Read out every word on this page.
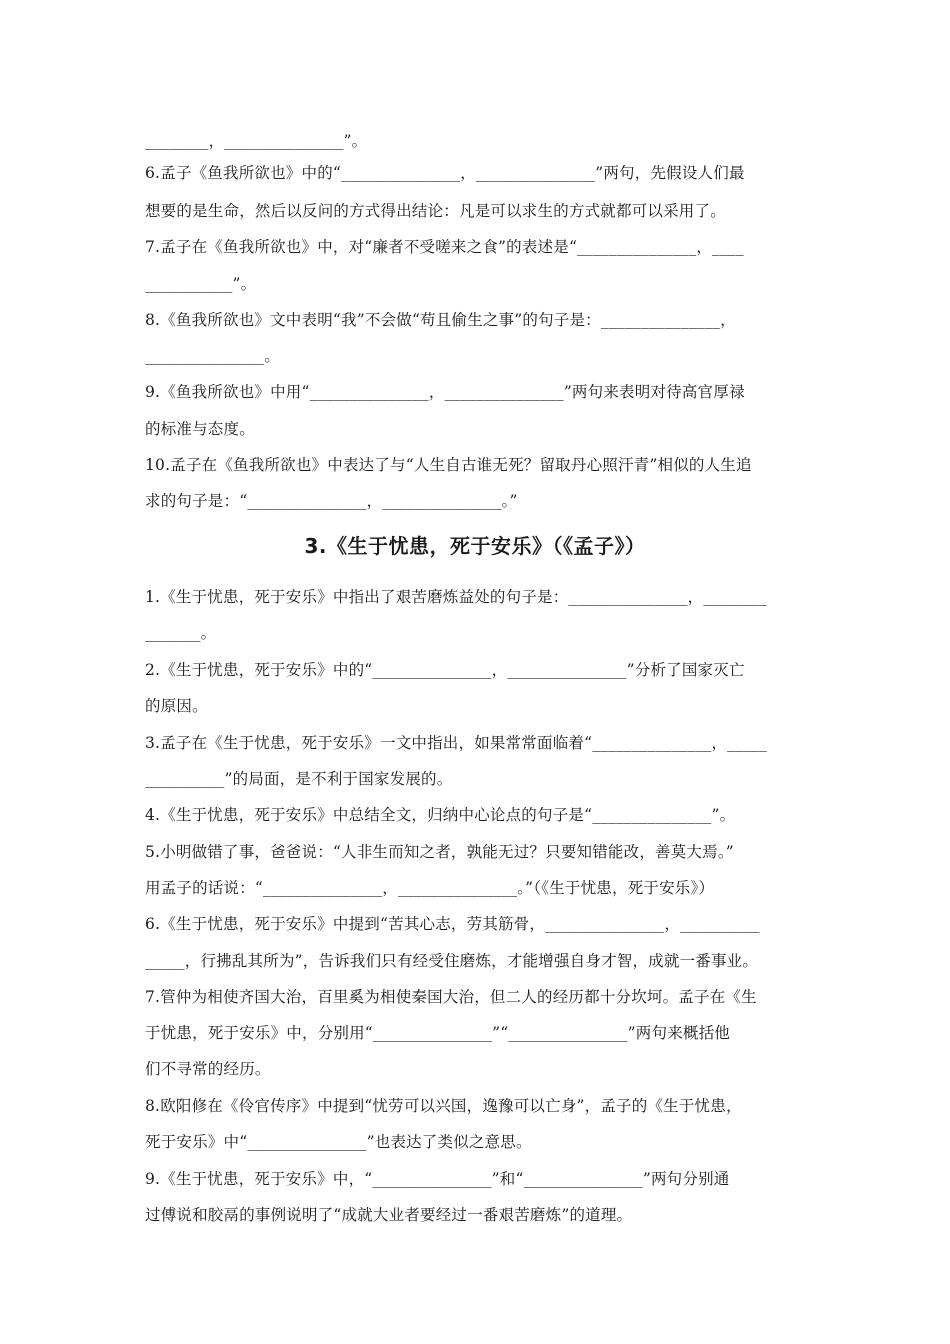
________，_______________”。
6.孟子《鱼我所欲也》中的“_______________，_______________”两句，先假设人们最
想要的是生命，然后以反问的方式得出结论：凡是可以求生的方式就都可以采用了。
7.孟子在《鱼我所欲也》中，对“廉者不受嗟来之食”的表述是“_______________，____
___________”。
8.《鱼我所欲也》文中表明“我”不会做“苟且偷生之事”的句子是：_______________，
_______________。
9.《鱼我所欲也》中用“_______________，_______________”两句来表明对待高官厚禄
的标准与态度。
10.孟子在《鱼我所欲也》中表达了与“人生自古谁无死？留取丹心照汗青”相似的人生追
求的句子是：“_______________，_______________。”
3.《生于忧患，死于安乐》（《孟子》）
1.《生于忧患，死于安乐》中指出了艰苦磨炼益处的句子是：_______________，________
_______。
2.《生于忧患，死于安乐》中的“_______________，_______________”分析了国家灭亡
的原因。
3.孟子在《生于忧患，死于安乐》一文中指出，如果常常面临着“_______________，_____
__________”的局面，是不利于国家发展的。
4.《生于忧患，死于安乐》中总结全文，归纳中心论点的句子是“_______________”。
5.小明做错了事，爸爸说：“人非生而知之者，孰能无过？只要知错能改，善莫大焉。”
用孟子的话说：“_______________，_______________。”（《生于忧患，死于安乐》）
6.《生于忧患，死于安乐》中提到“苦其心志，劳其筋骨，_______________，__________
_____，行拂乱其所为”，告诉我们只有经受住磨炼，才能增强自身才智，成就一番事业。
7.管仲为相使齐国大治，百里奚为相使秦国大治，但二人的经历都十分坎坷。孟子在《生
于忧患，死于安乐》中，分别用“_______________”“_______________”两句来概括他
们不寻常的经历。
8.欧阳修在《伶官传序》中提到“忧劳可以兴国，逸豫可以亡身”，孟子的《生于忧患，
死于安乐》中“_______________”也表达了类似之意思。
9.《生于忧患，死于安乐》中，“_______________”和“_______________”两句分别通
过傅说和胶鬲的事例说明了“成就大业者要经过一番艰苦磨炼”的道理。
